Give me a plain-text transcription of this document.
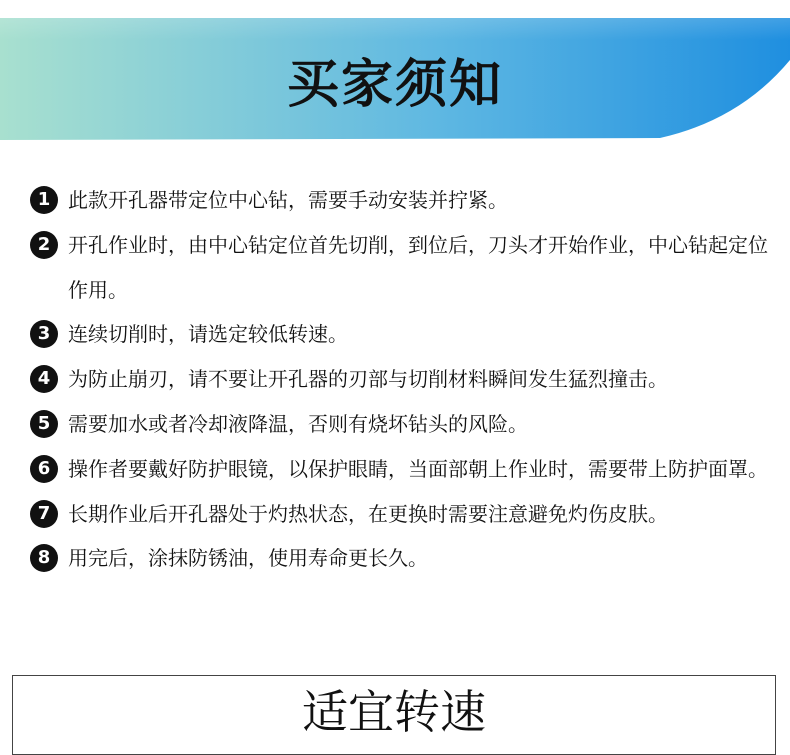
买家须知
1 此款开孔器带定位中心钻，需要手动安装并拧紧。
2 开孔作业时，由中心钻定位首先切削，到位后，刀头才开始作业，中心钻起定位作用。
3 连续切削时，请选定较低转速。
4 为防止崩刃，请不要让开孔器的刃部与切削材料瞬间发生猛烈撞击。
5 需要加水或者冷却液降温，否则有烧坏钻头的风险。
6 操作者要戴好防护眼镜，以保护眼睛，当面部朝上作业时，需要带上防护面罩。
7 长期作业后开孔器处于灼热状态，在更换时需要注意避免灼伤皮肤。
8 用完后，涂抹防锈油，使用寿命更长久。
适宜转速
